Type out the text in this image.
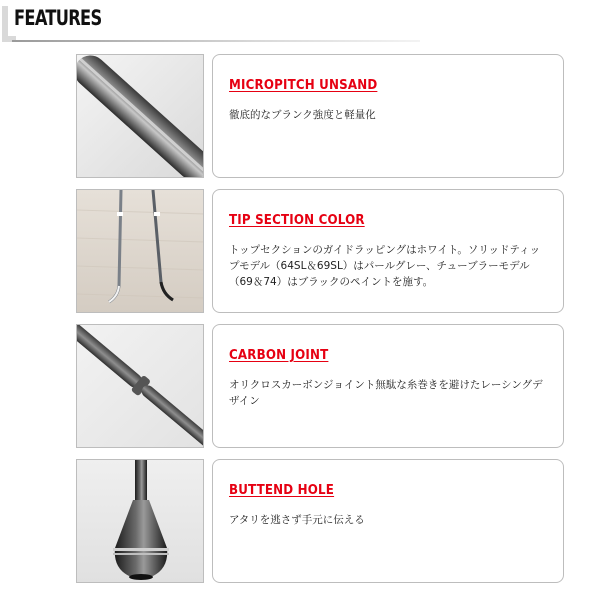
FEATURES
MICROPITCH UNSAND
徹底的なブランク強度と軽量化
TIP SECTION COLOR
トップセクションのガイドラッピングはホワイト。ソリッドティップモデル（64SL＆69SL）はパールグレー、チューブラーモデル（69＆74）はブラックのペイントを施す。
CARBON JOINT
オリクロスカーボンジョイント無駄な糸巻きを避けたレーシングデザイン
BUTTEND HOLE
アタリを逃さず手元に伝える
